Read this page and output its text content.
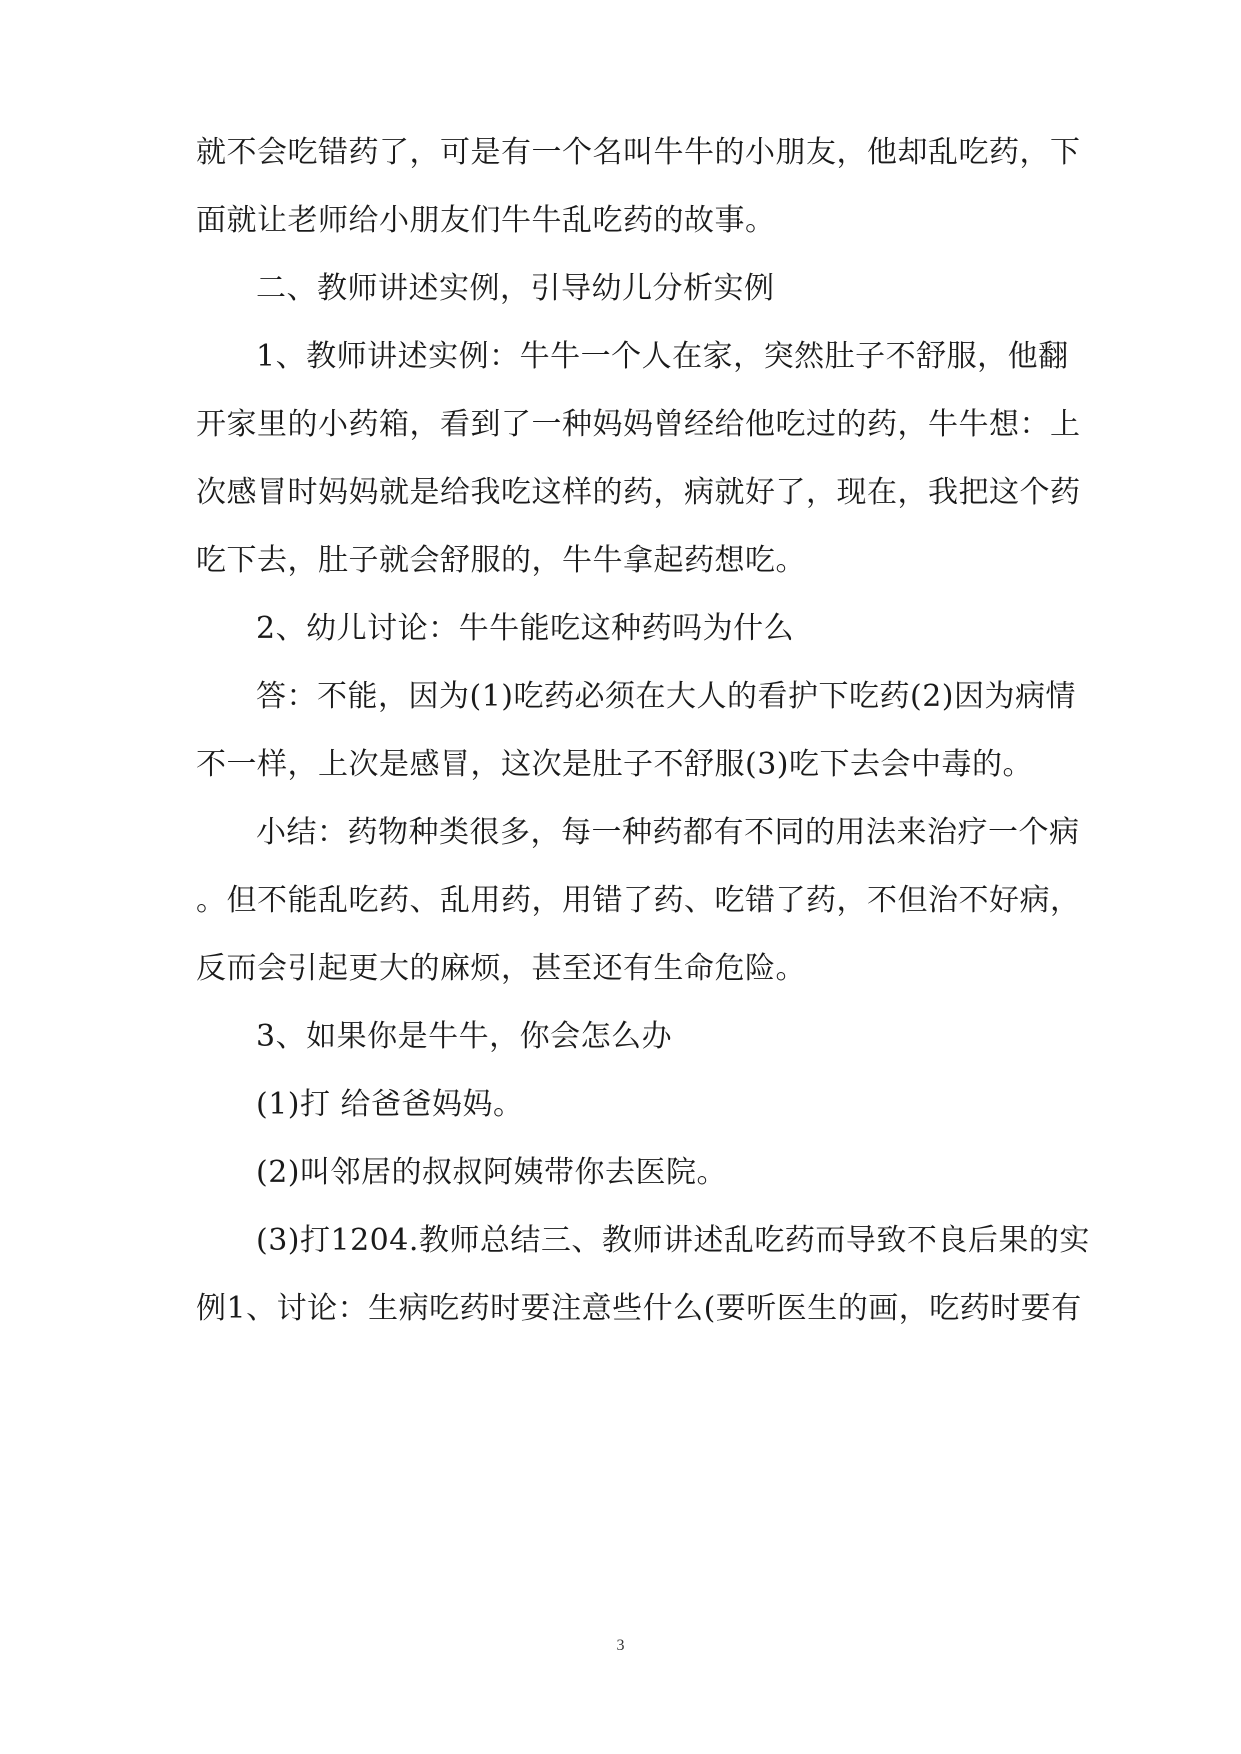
就不会吃错药了，可是有一个名叫牛牛的小朋友，他却乱吃药，下
面就让老师给小朋友们牛牛乱吃药的故事。
二、教师讲述实例，引导幼儿分析实例
1、教师讲述实例：牛牛一个人在家，突然肚子不舒服，他翻
开家里的小药箱，看到了一种妈妈曾经给他吃过的药，牛牛想：上
次感冒时妈妈就是给我吃这样的药，病就好了，现在，我把这个药
吃下去，肚子就会舒服的，牛牛拿起药想吃。
2、幼儿讨论：牛牛能吃这种药吗为什么
答：不能，因为(1)吃药必须在大人的看护下吃药(2)因为病情
不一样，上次是感冒，这次是肚子不舒服(3)吃下去会中毒的。
小结：药物种类很多，每一种药都有不同的用法来治疗一个病
。但不能乱吃药、乱用药，用错了药、吃错了药，不但治不好病，
反而会引起更大的麻烦，甚至还有生命危险。
3、如果你是牛牛，你会怎么办
(1)打 给爸爸妈妈。
(2)叫邻居的叔叔阿姨带你去医院。
(3)打1204.教师总结三、教师讲述乱吃药而导致不良后果的实
例1、讨论：生病吃药时要注意些什么(要听医生的画，吃药时要有
3
